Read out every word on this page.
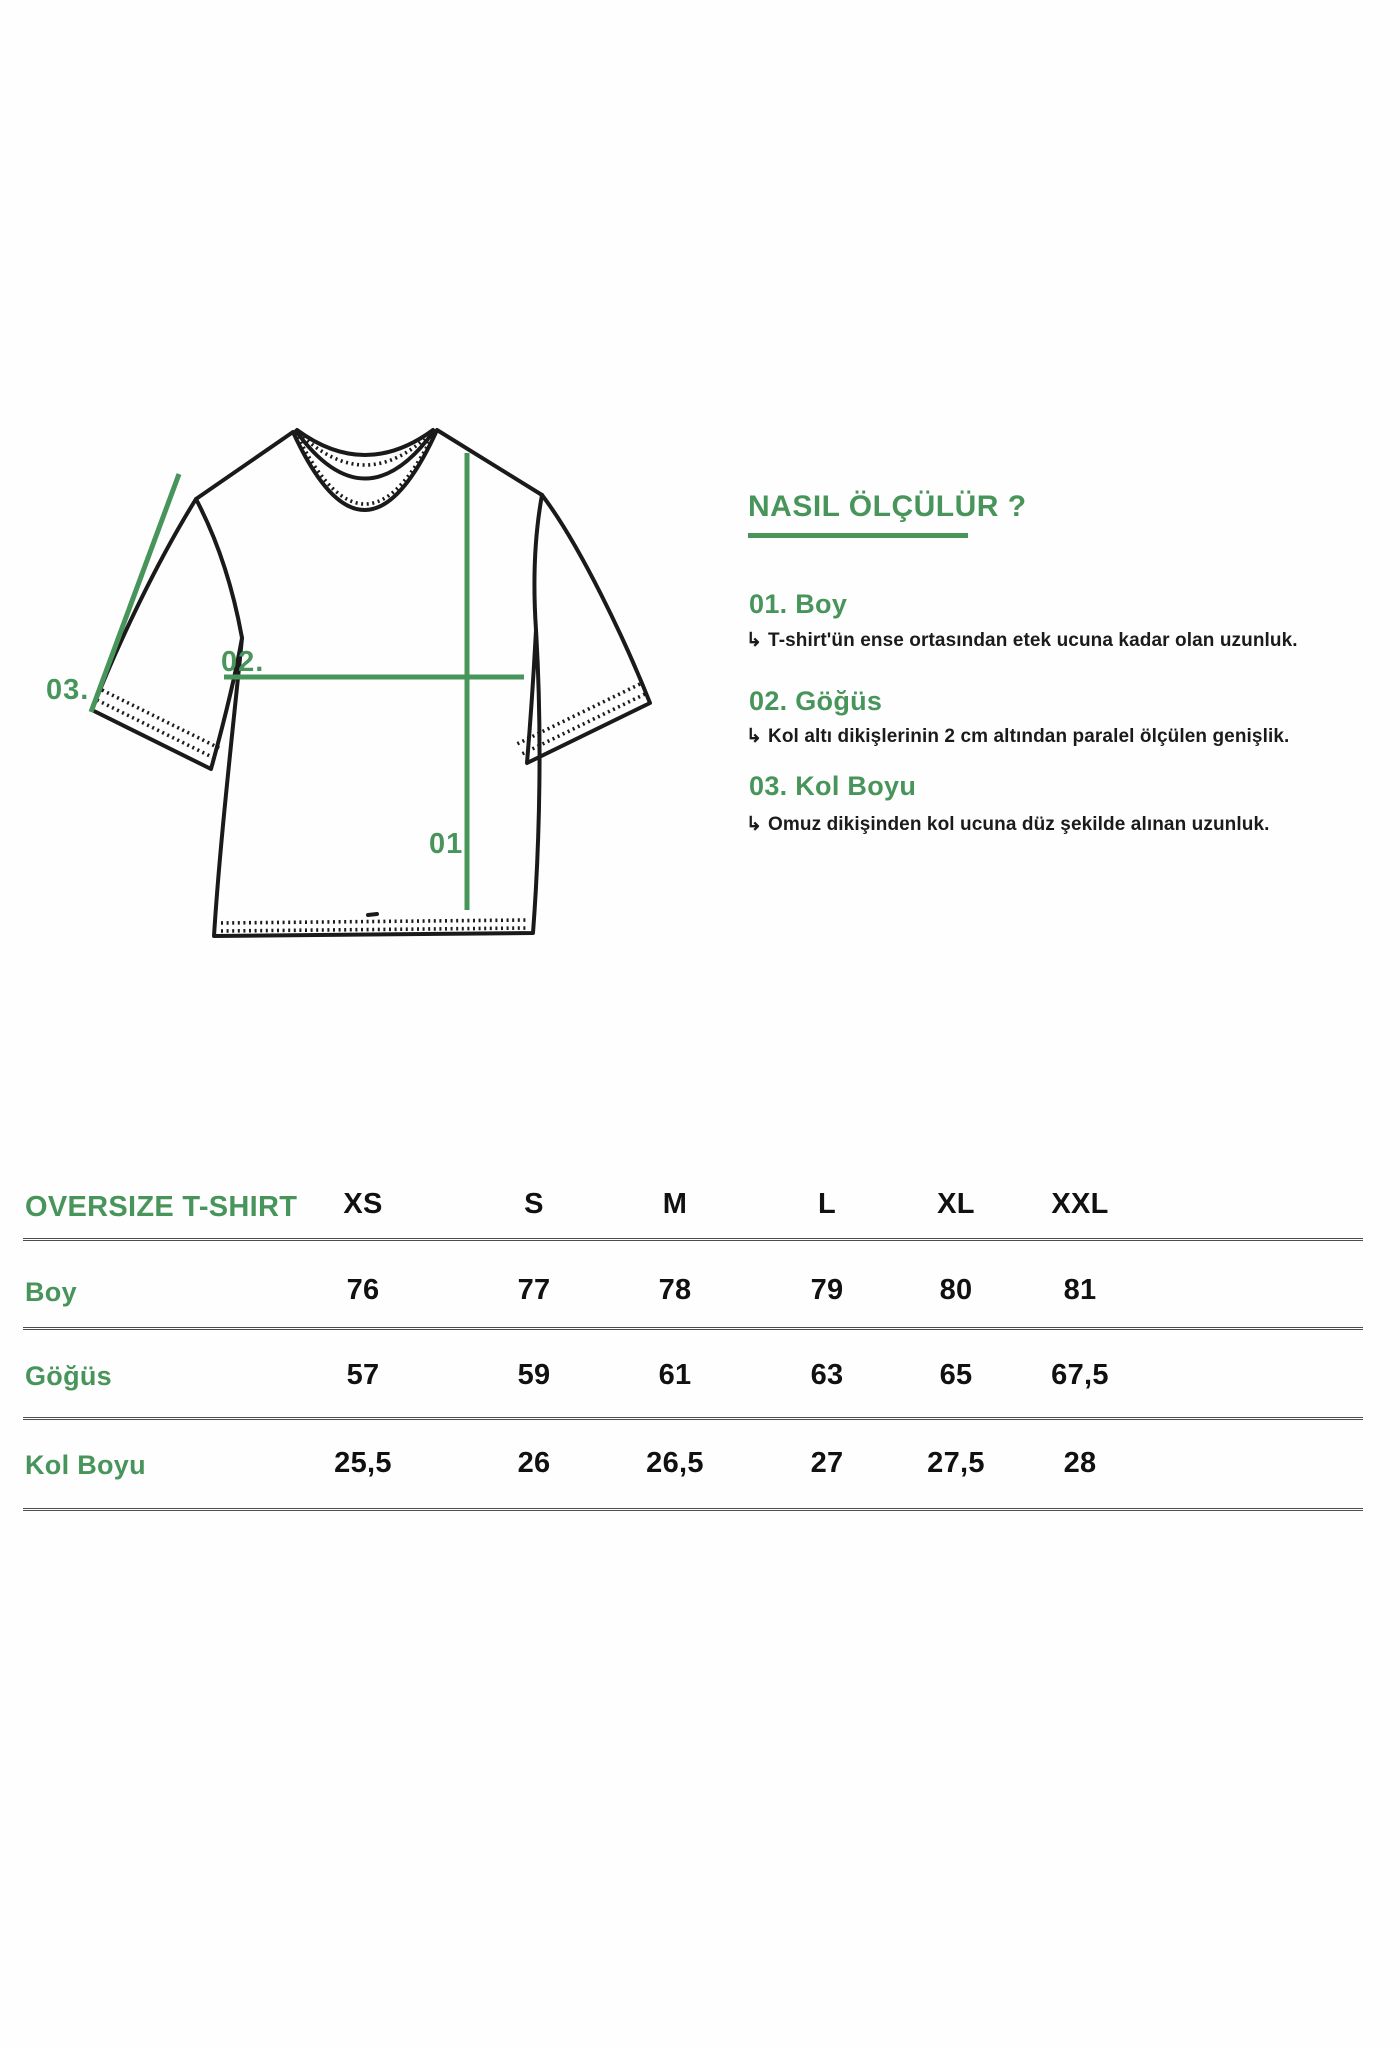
03.
02.
01.
NASIL ÖLÇÜLÜR ?
01. Boy
↳ T-shirt'ün ense ortasından etek ucuna kadar olan uzunluk.
02. Göğüs
↳ Kol altı dikişlerinin 2 cm altından paralel ölçülen genişlik.
03. Kol Boyu
↳ Omuz dikişinden kol ucuna düz şekilde alınan uzunluk.
OVERSIZE T-SHIRT	XS	S	M	L	XL	XXL
Boy	76	77	78	79	80	81
Göğüs	57	59	61	63	65	67,5
Kol Boyu	25,5	26	26,5	27	27,5	28
